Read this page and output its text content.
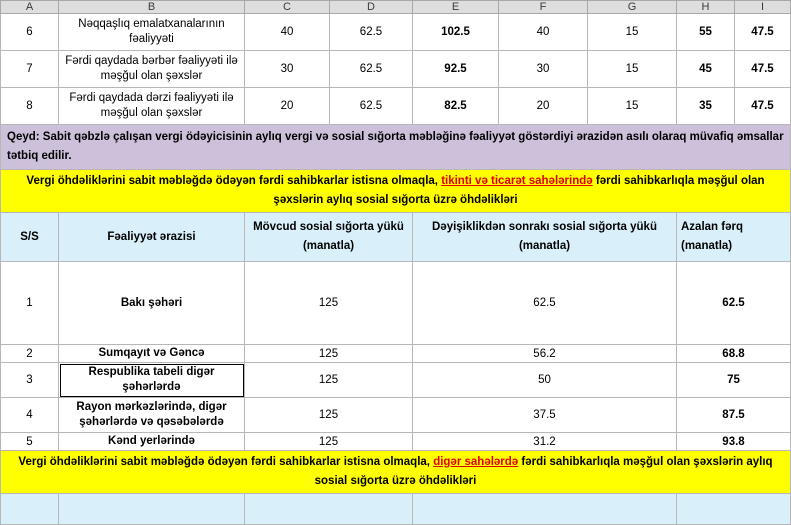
A	B	C	D	E	F	G	H	I
6	Nəqqaşlıq emalatxanalarının fəaliyyəti	40	62.5	102.5	40	15	55	47.5
7	Fərdi qaydada bərbər fəaliyyəti ilə məşğul olan şəxslər	30	62.5	92.5	30	15	45	47.5
8	Fərdi qaydada dərzi fəaliyyəti ilə məşğul olan şəxslər	20	62.5	82.5	20	15	35	47.5
Qeyd: Sabit qəbzlə çalışan vergi ödəyicisinin aylıq vergi və sosial sığorta məbləğinə fəaliyyət göstərdiyi ərazidən asılı olaraq müvafiq əmsallar tətbiq edilir.								
Vergi öhdəliklərini sabit məbləğdə ödəyən fərdi sahibkarlar istisna olmaqla, tikinti və ticarət sahələrində fərdi sahibkarlıqla məşğul olan şəxslərin aylıq sosial sığorta üzrə öhdəlikləri								
S/S	Fəaliyyət ərazisi	Mövcud sosial sığorta yükü (manatla)		Dəyişiklikdən sonrakı sosial sığorta yükü (manatla)			Azalan fərq (manatla)	
1	Bakı şəhəri	125		62.5			62.5	
2	Sumqayıt və Gəncə	125		56.2			68.8	
3	Respublika tabeli digər şəhərlərdə	125		50			75	
4	Rayon mərkəzlərində, digər şəhərlərdə və qəsəbələrdə	125		37.5			87.5	
5	Kənd yerlərində	125		31.2			93.8	
Vergi öhdəliklərini sabit məbləğdə ödəyən fərdi sahibkarlar istisna olmaqla, digər sahələrdə fərdi sahibkarlıqla məşğul olan şəxslərin aylıq sosial sığorta üzrə öhdəlikləri								
